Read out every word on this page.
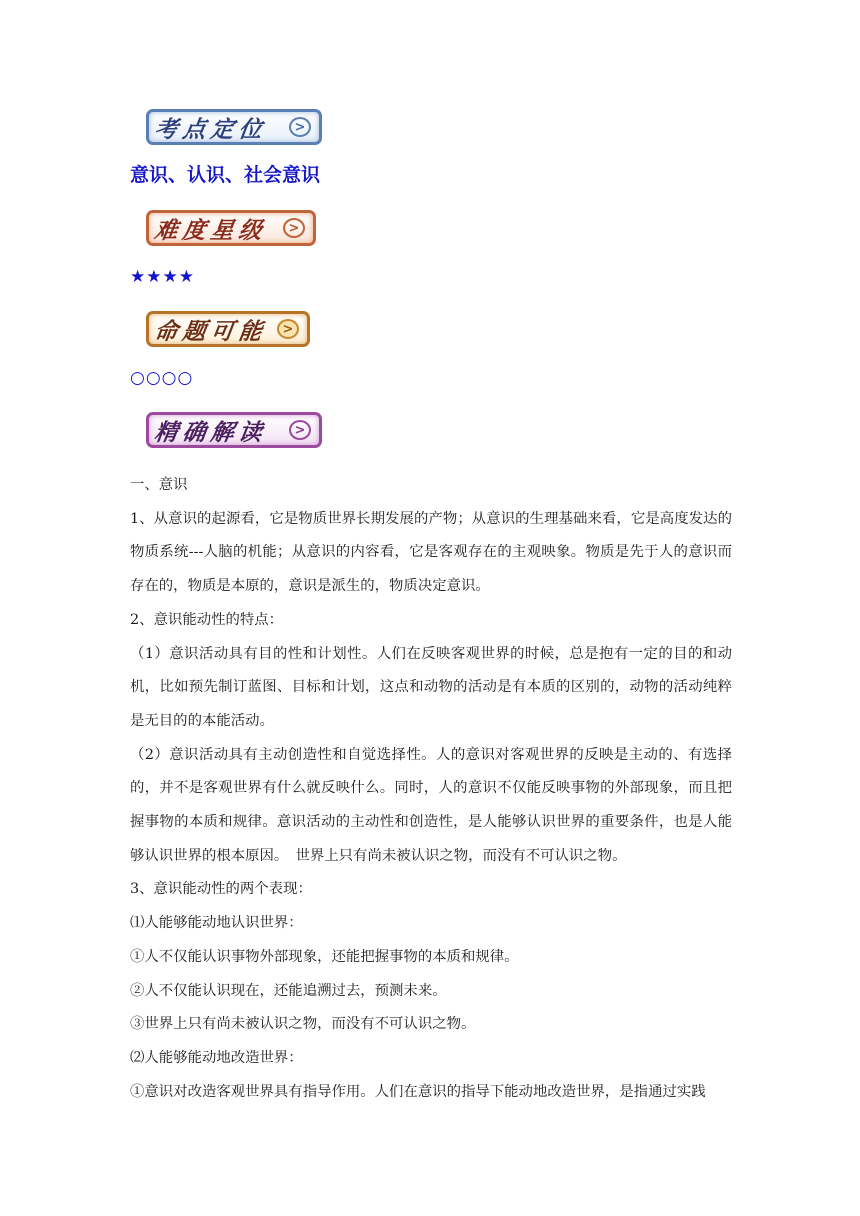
考点定位 >
意识、认识、社会意识
难度星级 >
★★★★
命题可能 >
○○○○
精确解读 >

一、意识

1、从意识的起源看，它是物质世界长期发展的产物；从意识的生理基础来看，它是高度发达的物质系统---人脑的机能；从意识的内容看，它是客观存在的主观映象。物质是先于人的意识而存在的，物质是本原的，意识是派生的，物质决定意识。

2、意识能动性的特点：

（1）意识活动具有目的性和计划性。人们在反映客观世界的时候，总是抱有一定的目的和动机，比如预先制订蓝图、目标和计划，这点和动物的活动是有本质的区别的，动物的活动纯粹是无目的的本能活动。

（2）意识活动具有主动创造性和自觉选择性。人的意识对客观世界的反映是主动的、有选择的，并不是客观世界有什么就反映什么。同时，人的意识不仅能反映事物的外部现象，而且把握事物的本质和规律。意识活动的主动性和创造性，是人能够认识世界的重要条件，也是人能够认识世界的根本原因。　世界上只有尚未被认识之物，而没有不可认识之物。

3、意识能动性的两个表现：

⑴人能够能动地认识世界：

①人不仅能认识事物外部现象，还能把握事物的本质和规律。

②人不仅能认识现在，还能追溯过去，预测未来。

③世界上只有尚未被认识之物，而没有不可认识之物。

⑵人能够能动地改造世界：

①意识对改造客观世界具有指导作用。人们在意识的指导下能动地改造世界，是指通过实践
